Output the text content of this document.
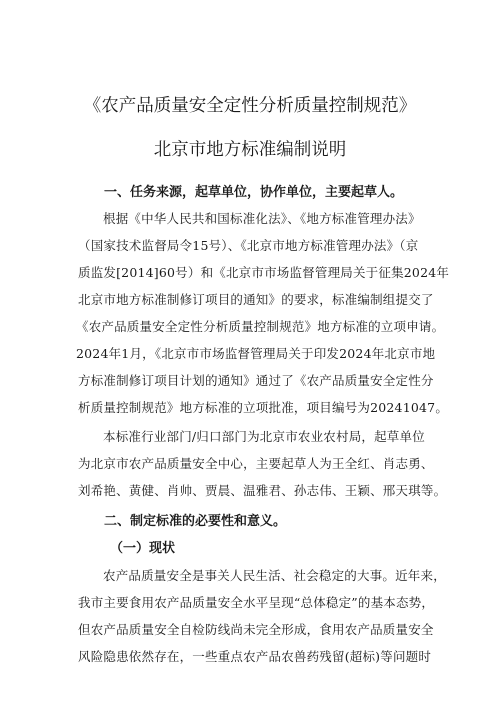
《农产品质量安全定性分析质量控制规范》
北京市地方标准编制说明
一、任务来源，起草单位，协作单位，主要起草人。
根据《中华人民共和国标准化法》、《地方标准管理办法》
（国家技术监督局令15号）、《北京市地方标准管理办法》（京
质监发[2014]60号）和《北京市市场监督管理局关于征集2024年
北京市地方标准制修订项目的通知》的要求，标准编制组提交了
《农产品质量安全定性分析质量控制规范》地方标准的立项申请。
2024年1月，《北京市市场监督管理局关于印发2024年北京市地
方标准制修订项目计划的通知》通过了《农产品质量安全定性分
析质量控制规范》地方标准的立项批准，项目编号为20241047。
本标准行业部门/归口部门为北京市农业农村局，起草单位
为北京市农产品质量安全中心，主要起草人为王全红、肖志勇、
刘希艳、黄健、肖帅、贾晨、温雅君、孙志伟、王颖、邢天琪等。
二、制定标准的必要性和意义。
（一）现状
农产品质量安全是事关人民生活、社会稳定的大事。近年来，
我市主要食用农产品质量安全水平呈现“总体稳定”的基本态势，
但农产品质量安全自检防线尚未完全形成，食用农产品质量安全
风险隐患依然存在，一些重点农产品农兽药残留(超标)等问题时
